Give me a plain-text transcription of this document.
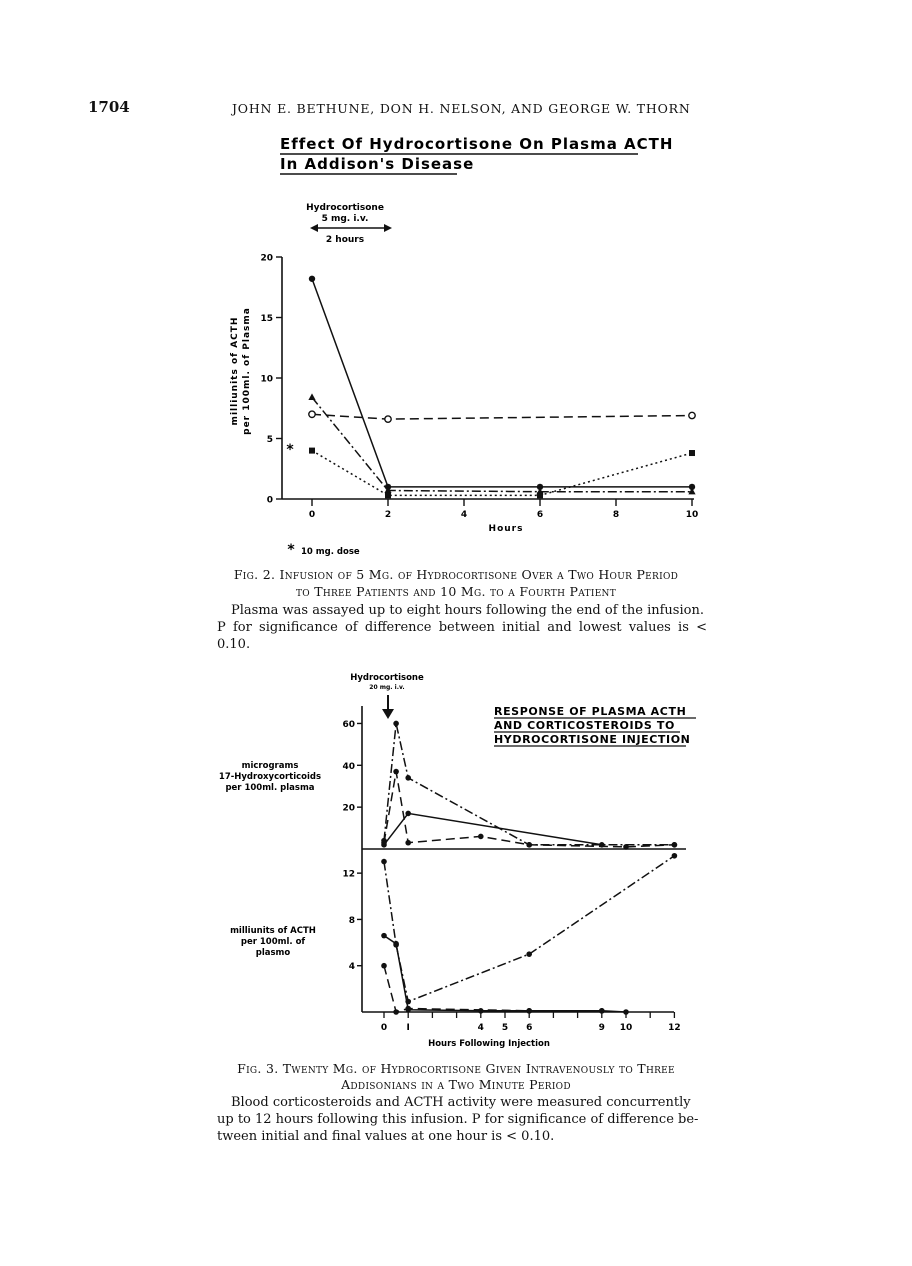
1704	JOHN E. BETHUNE, DON H. NELSON, AND GEORGE W. THORN
Effect Of Hydrocortisone On Plasma ACTH
In Addison's Disease
Hydrocortisone
5 mg. i.v.
2 hours
milliunits of ACTH per 100ml. of Plasma
0
5
10
15
20
0	2	4	6	8	10
Hours
*
* 10 mg. dose
Fig. 2. Infusion of 5 Mg. of Hydrocortisone Over a Two Hour Period
to Three Patients and 10 Mg. to a Fourth Patient
Plasma was assayed up to eight hours following the end of the infusion.
P for significance of difference between initial and lowest values is < 0.10.
Hydrocortisone
20 mg. i.v.
RESPONSE OF PLASMA ACTH
AND CORTICOSTEROIDS TO
HYDROCORTISONE INJECTION
micrograms
17-Hydroxycorticoids
per 100ml. plasma
milliunits of ACTH
per 100ml. of
plasmo
20
40
60
4
8
12
0 I	4 5 6	9 10	12
Hours Following Injection
Fig. 3. Twenty Mg. of Hydrocortisone Given Intravenously to Three
Addisonians in a Two Minute Period
Blood corticosteroids and ACTH activity were measured concurrently
up to 12 hours following this infusion. P for significance of difference be-
tween initial and final values at one hour is < 0.10.
